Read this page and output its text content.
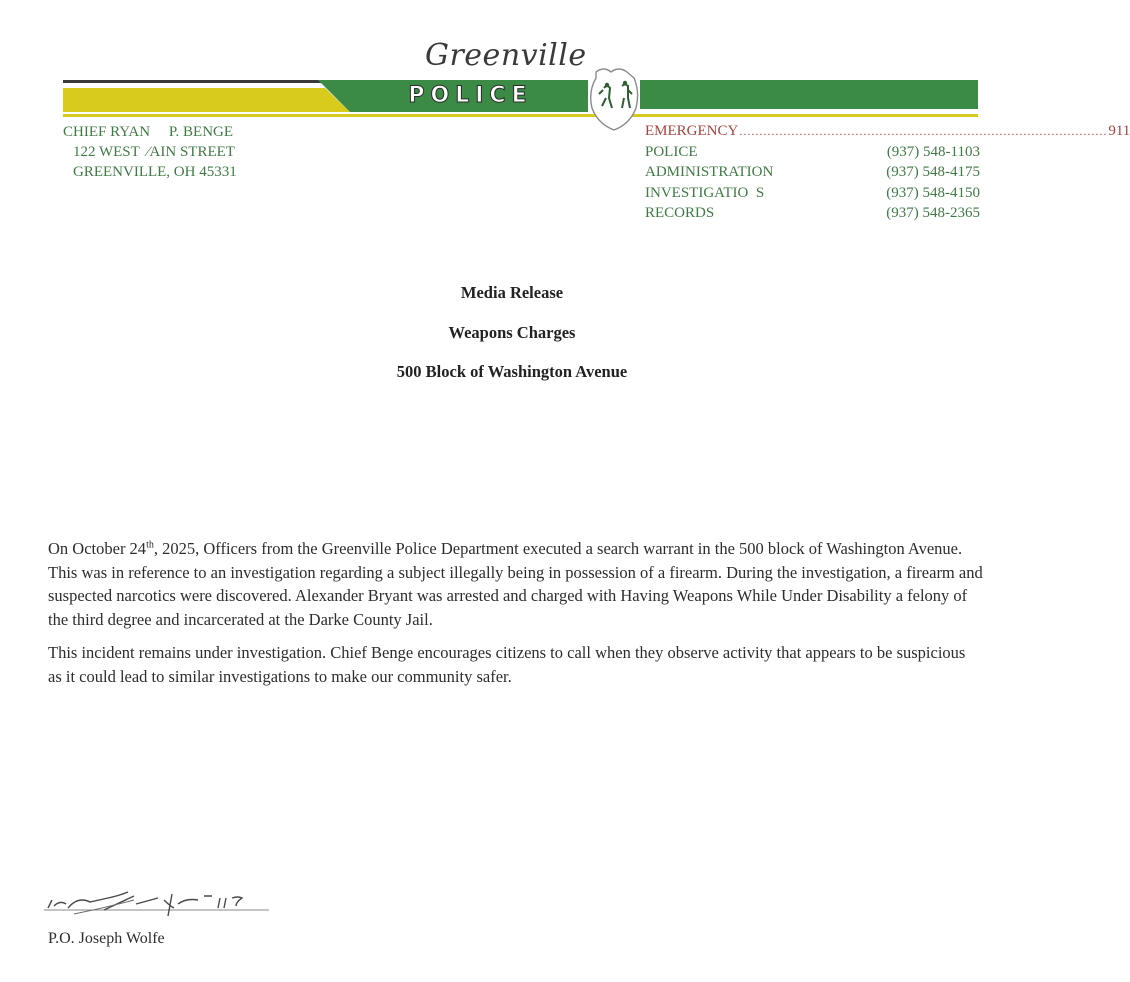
Greenville
POLICE
CHIEF RYAN     P. BENGE
122 WEST  ⁄AIN STREET
GREENVILLE, OH 45331
EMERGENCY ............................................................................................ 911
POLICE	(937) 548-1103
ADMINISTRATION	(937) 548-4175
INVESTIGATIO  S	(937) 548-4150
RECORDS	(937) 548-2365
Media Release
Weapons Charges
500 Block of Washington Avenue

On October 24th, 2025, Officers from the Greenville Police Department executed a search warrant in the 500 block of Washington Avenue. This was in reference to an investigation regarding a subject illegally being in possession of a firearm. During the investigation, a firearm and suspected narcotics were discovered. Alexander Bryant was arrested and charged with Having Weapons While Under Disability a felony of the third degree and incarcerated at the Darke County Jail.

This incident remains under investigation. Chief Benge encourages citizens to call when they observe activity that appears to be suspicious as it could lead to similar investigations to make our community safer.

P.O. Joseph Wolfe
